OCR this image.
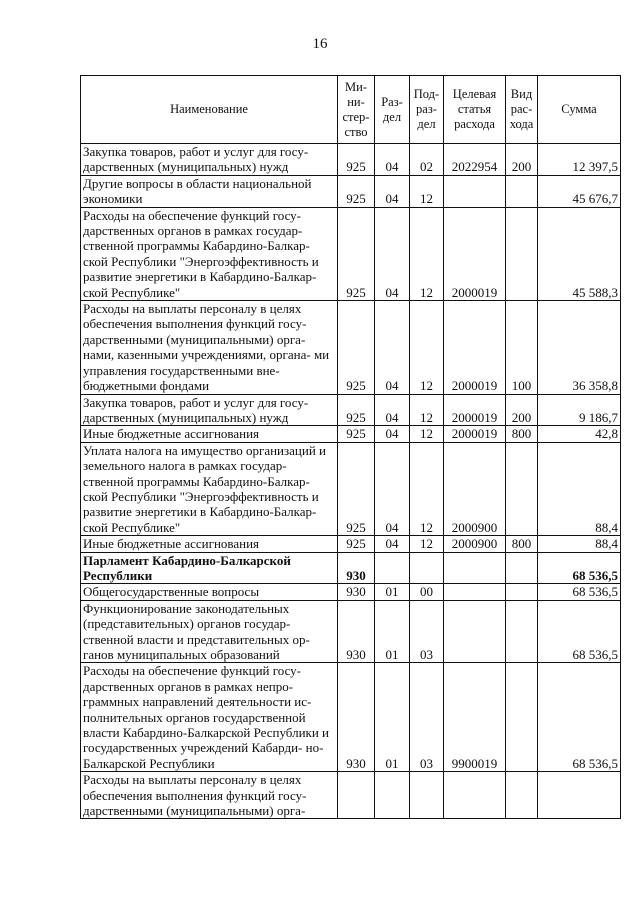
16
Наименование	Ми- ни- стер- ство	Раз- дел	Под- раз- дел	Целевая статья расхода	Вид рас- хода	Сумма
Закупка товаров, работ и услуг для госу- дарственных (муниципальных) нужд	925	04	02	2022954	200	12 397,5
Другие вопросы в области национальной экономики	925	04	12			45 676,7
Расходы на обеспечение функций госу- дарственных органов в рамках государ- ственной программы Кабардино-Балкар- ской Республики "Энергоэффективность и развитие энергетики в Кабардино-Балкар- ской Республике"	925	04	12	2000019		45 588,3
Расходы на выплаты персоналу в целях обеспечения выполнения функций госу- дарственными (муниципальными) орга- нами, казенными учреждениями, органа- ми управления государственными вне- бюджетными фондами	925	04	12	2000019	100	36 358,8
Закупка товаров, работ и услуг для госу- дарственных (муниципальных) нужд	925	04	12	2000019	200	9 186,7
Иные бюджетные ассигнования	925	04	12	2000019	800	42,8
Уплата налога на имущество организаций и земельного налога в рамках государ- ственной программы Кабардино-Балкар- ской Республики "Энергоэффективность и развитие энергетики в Кабардино-Балкар- ской Республике"	925	04	12	2000900		88,4
Иные бюджетные ассигнования	925	04	12	2000900	800	88,4
Парламент Кабардино-Балкарской Республики	930					68 536,5
Общегосударственные вопросы	930	01	00			68 536,5
Функционирование законодательных (представительных) органов государ- ственной власти и представительных ор- ганов муниципальных образований	930	01	03			68 536,5
Расходы на обеспечение функций госу- дарственных органов в рамках непро- граммных направлений деятельности ис- полнительных органов государственной власти Кабардино-Балкарской Республики и государственных учреждений Кабарди- но-Балкарской Республики	930	01	03	9900019		68 536,5
Расходы на выплаты персоналу в целях обеспечения выполнения функций госу- дарственными (муниципальными) орга-						
